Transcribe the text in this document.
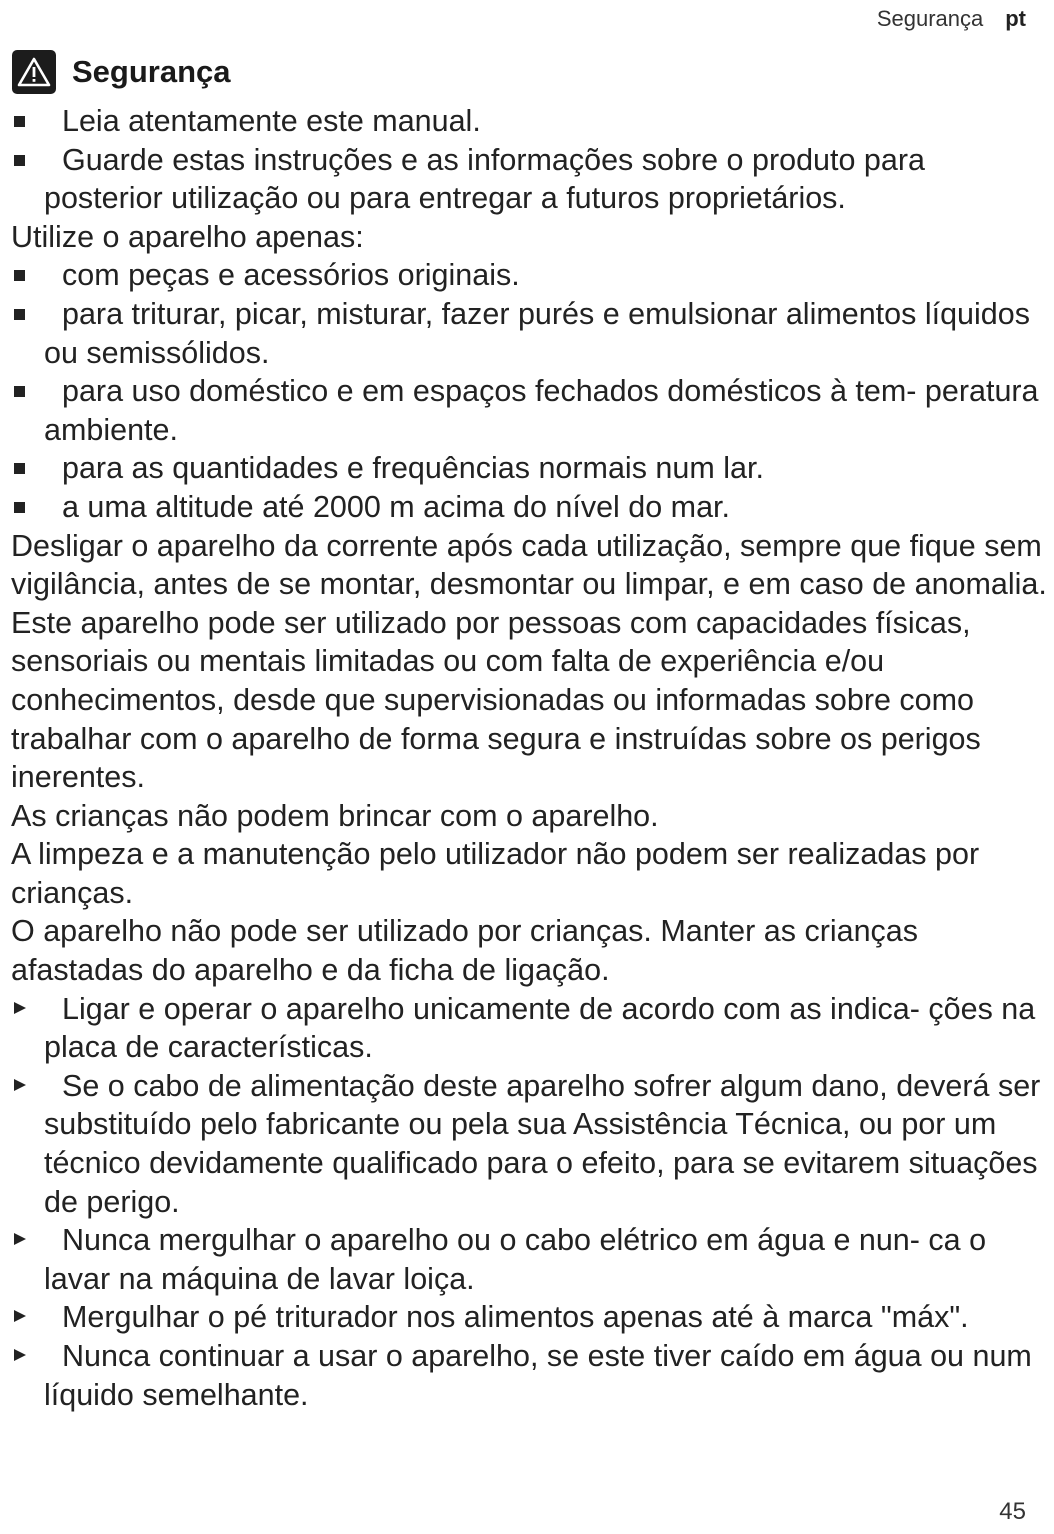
Segurança pt
Segurança
Leia atentamente este manual.
Guarde estas instruções e as informações sobre o produto para posterior utilização ou para entregar a futuros proprietários.

Utilize o aparelho apenas:

com peças e acessórios originais.
para triturar, picar, misturar, fazer purés e emulsionar alimentos líquidos ou semissólidos.
para uso doméstico e em espaços fechados domésticos à tem- peratura ambiente.
para as quantidades e frequências normais num lar.
a uma altitude até 2000 m acima do nível do mar.

Desligar o aparelho da corrente após cada utilização, sempre que fique sem vigilância, antes de se montar, desmontar ou limpar, e em caso de anomalia.

Este aparelho pode ser utilizado por pessoas com capacidades físicas, sensoriais ou mentais limitadas ou com falta de experiência e/ou conhecimentos, desde que supervisionadas ou informadas sobre como trabalhar com o aparelho de forma segura e instruídas sobre os perigos inerentes.

As crianças não podem brincar com o aparelho.

A limpeza e a manutenção pelo utilizador não podem ser realizadas por crianças.

O aparelho não pode ser utilizado por crianças. Manter as crianças afastadas do aparelho e da ficha de ligação.

Ligar e operar o aparelho unicamente de acordo com as indica- ções na placa de características.
Se o cabo de alimentação deste aparelho sofrer algum dano, deverá ser substituído pelo fabricante ou pela sua Assistência Técnica, ou por um técnico devidamente qualificado para o efeito, para se evitarem situações de perigo.
Nunca mergulhar o aparelho ou o cabo elétrico em água e nun- ca o lavar na máquina de lavar loiça.
Mergulhar o pé triturador nos alimentos apenas até à marca "máx".
Nunca continuar a usar o aparelho, se este tiver caído em água ou num líquido semelhante.
45
